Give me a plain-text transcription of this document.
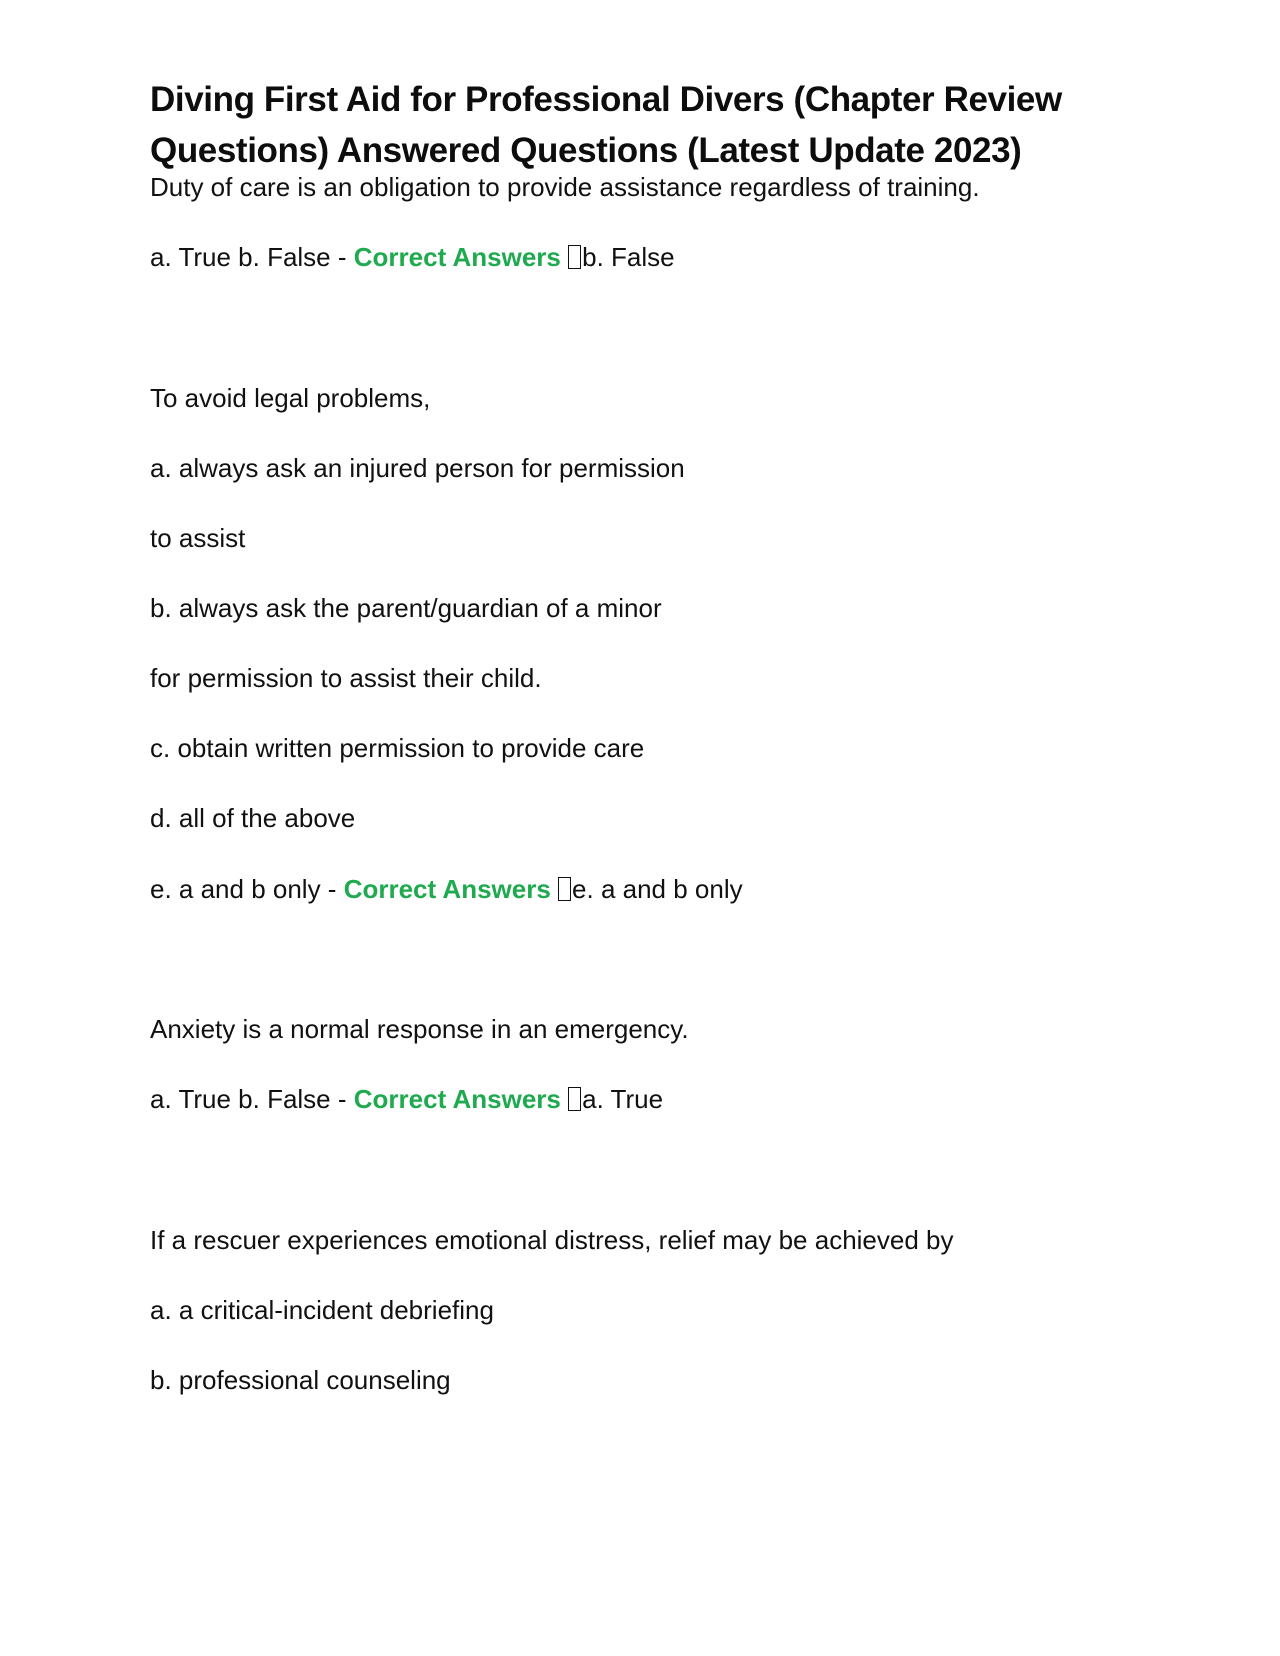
Diving First Aid for Professional Divers (Chapter Review Questions) Answered Questions (Latest Update 2023)
Duty of care is an obligation to provide assistance regardless of training.
a. True b. False - Correct Answers b. False
To avoid legal problems,
a. always ask an injured person for permission
to assist
b. always ask the parent/guardian of a minor
for permission to assist their child.
c. obtain written permission to provide care
d. all of the above
e. a and b only - Correct Answers e. a and b only
Anxiety is a normal response in an emergency.
a. True b. False - Correct Answers a. True
If a rescuer experiences emotional distress, relief may be achieved by
a. a critical-incident debriefing
b. professional counseling
